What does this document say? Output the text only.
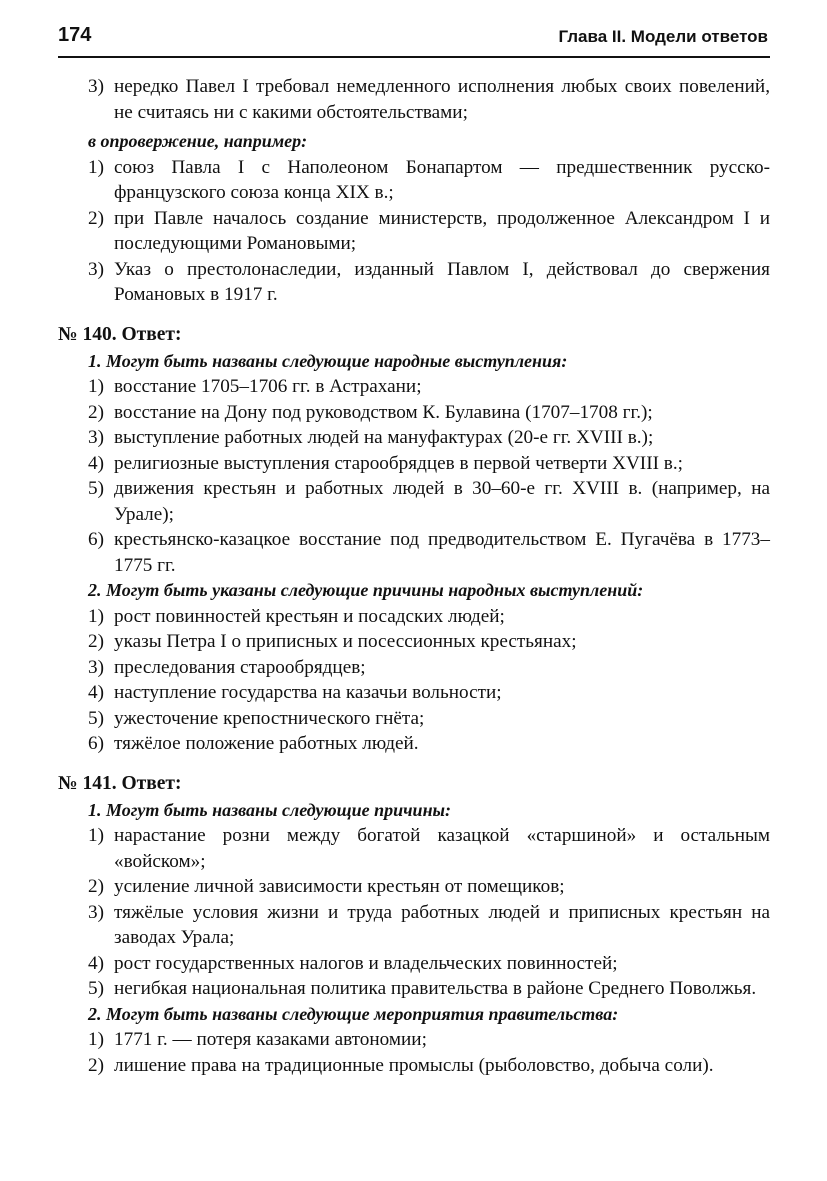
174	Глава II. Модели ответов
3) нередко Павел I требовал немедленного исполнения любых своих повелений, не считаясь ни с какими обстоятельствами;
в опровержение, например:
1) союз Павла I с Наполеоном Бонапартом — предшественник русско-французского союза конца XIX в.;
2) при Павле началось создание министерств, продолженное Александром I и последующими Романовыми;
3) Указ о престолонаследии, изданный Павлом I, действовал до свержения Романовых в 1917 г.
№ 140. Ответ:
1. Могут быть названы следующие народные выступления:
1) восстание 1705–1706 гг. в Астрахани;
2) восстание на Дону под руководством К. Булавина (1707–1708 гг.);
3) выступление работных людей на мануфактурах (20-е гг. XVIII в.);
4) религиозные выступления старообрядцев в первой четверти XVIII в.;
5) движения крестьян и работных людей в 30–60-е гг. XVIII в. (например, на Урале);
6) крестьянско-казацкое восстание под предводительством Е. Пугачёва в 1773–1775 гг.
2. Могут быть указаны следующие причины народных выступлений:
1) рост повинностей крестьян и посадских людей;
2) указы Петра I о приписных и посессионных крестьянах;
3) преследования старообрядцев;
4) наступление государства на казачьи вольности;
5) ужесточение крепостнического гнёта;
6) тяжёлое положение работных людей.
№ 141. Ответ:
1. Могут быть названы следующие причины:
1) нарастание розни между богатой казацкой «старшиной» и остальным «войском»;
2) усиление личной зависимости крестьян от помещиков;
3) тяжёлые условия жизни и труда работных людей и приписных крестьян на заводах Урала;
4) рост государственных налогов и владельческих повинностей;
5) негибкая национальная политика правительства в районе Среднего Поволжья.
2. Могут быть названы следующие мероприятия правительства:
1) 1771 г. — потеря казаками автономии;
2) лишение права на традиционные промыслы (рыболовство, добыча соли).
